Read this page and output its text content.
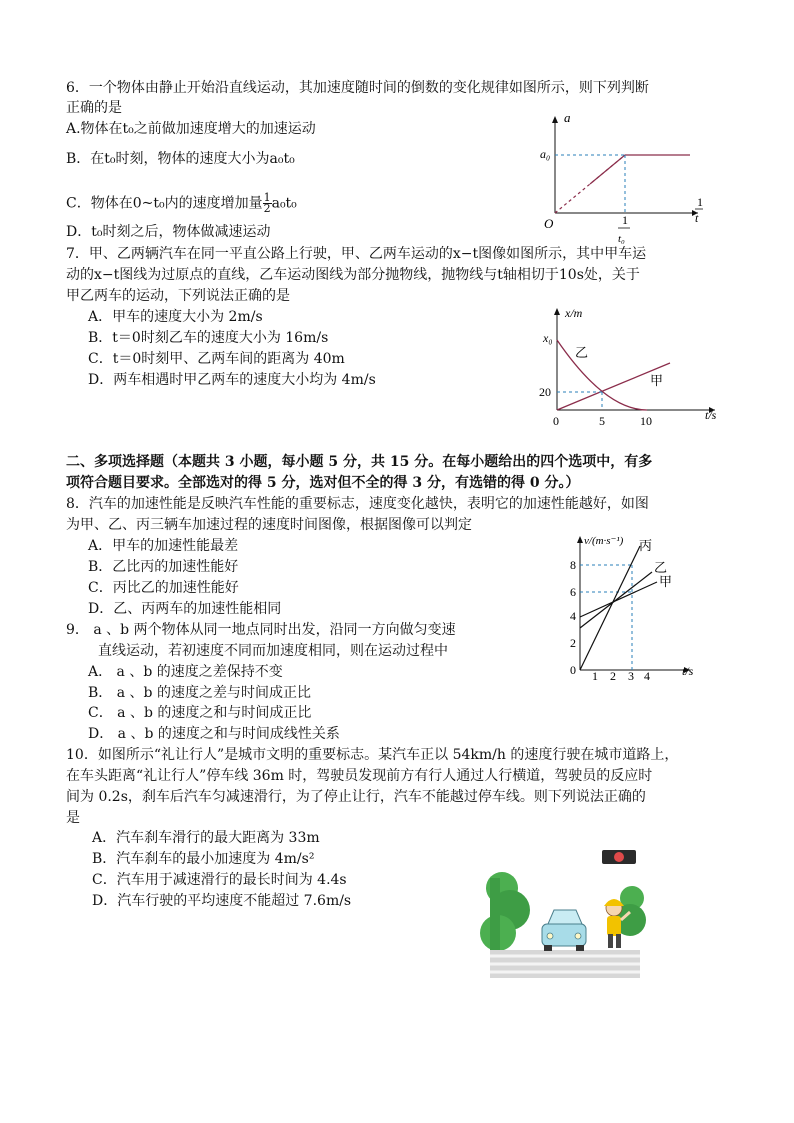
6．一个物体由静止开始沿直线运动，其加速度随时间的倒数的变化规律如图所示，则下列判断
正确的是
A.物体在t₀之前做加速度增大的加速运动
B．在t₀时刻，物体的速度大小为a₀t₀
C．物体在0~t₀内的速度增加量 $\frac{1}{2} a_0t_0$
D．t₀时刻之后，物体做减速运动
a
a₀
O
1
t
1
t₀
7．甲、乙两辆汽车在同一平直公路上行驶，甲、乙两车运动的x−t图像如图所示，其中甲车运
动的x−t图线为过原点的直线，乙车运动图线为部分抛物线，抛物线与t轴相切于10s处，关于
甲乙两车的运动，下列说法正确的是
A．甲车的速度大小为 2m/s
B．t＝0时刻乙车的速度大小为 16m/s
C．t＝0时刻甲、乙两车间的距离为 40m
D．两车相遇时甲乙两车的速度大小均为 4m/s
x/m
x₀
20
0	5	10	t/s
乙
甲
二、多项选择题（本题共 3 小题，每小题 5 分，共 15 分。在每小题给出的四个选项中，有多
项符合题目要求。全部选对的得 5 分，选对但不全的得 3 分，有选错的得 0 分。）
8．汽车的加速性能是反映汽车性能的重要标志，速度变化越快，表明它的加速性能越好，如图
为甲、乙、丙三辆车加速过程的速度时间图像，根据图像可以判定
A．甲车的加速性能最差
B．乙比丙的加速性能好
C．丙比乙的加速性能好
D．乙、丙两车的加速性能相同
v/(m·s⁻¹)
0
2
4
6
8
1 2 3 4	t/s
丙
乙
甲
9． a 、b 两个物体从同一地点同时出发，沿同一方向做匀变速
直线运动，若初速度不同而加速度相同，则在运动过程中
A． a 、b 的速度之差保持不变
B． a 、b 的速度之差与时间成正比
C． a 、b 的速度之和与时间成正比
D． a 、b 的速度之和与时间成线性关系
10．如图所示“礼让行人”是城市文明的重要标志。某汽车正以 54km/h 的速度行驶在城市道路上，
在车头距离“礼让行人”停车线 36m 时，驾驶员发现前方有行人通过人行横道，驾驶员的反应时
间为 0.2s，刹车后汽车匀减速滑行，为了停止让行，汽车不能越过停车线。则下列说法正确的
是
A．汽车刹车滑行的最大距离为 33m
B．汽车刹车的最小加速度为 4m/s²
C．汽车用于减速滑行的最长时间为 4.4s
D．汽车行驶的平均速度不能超过 7.6m/s
